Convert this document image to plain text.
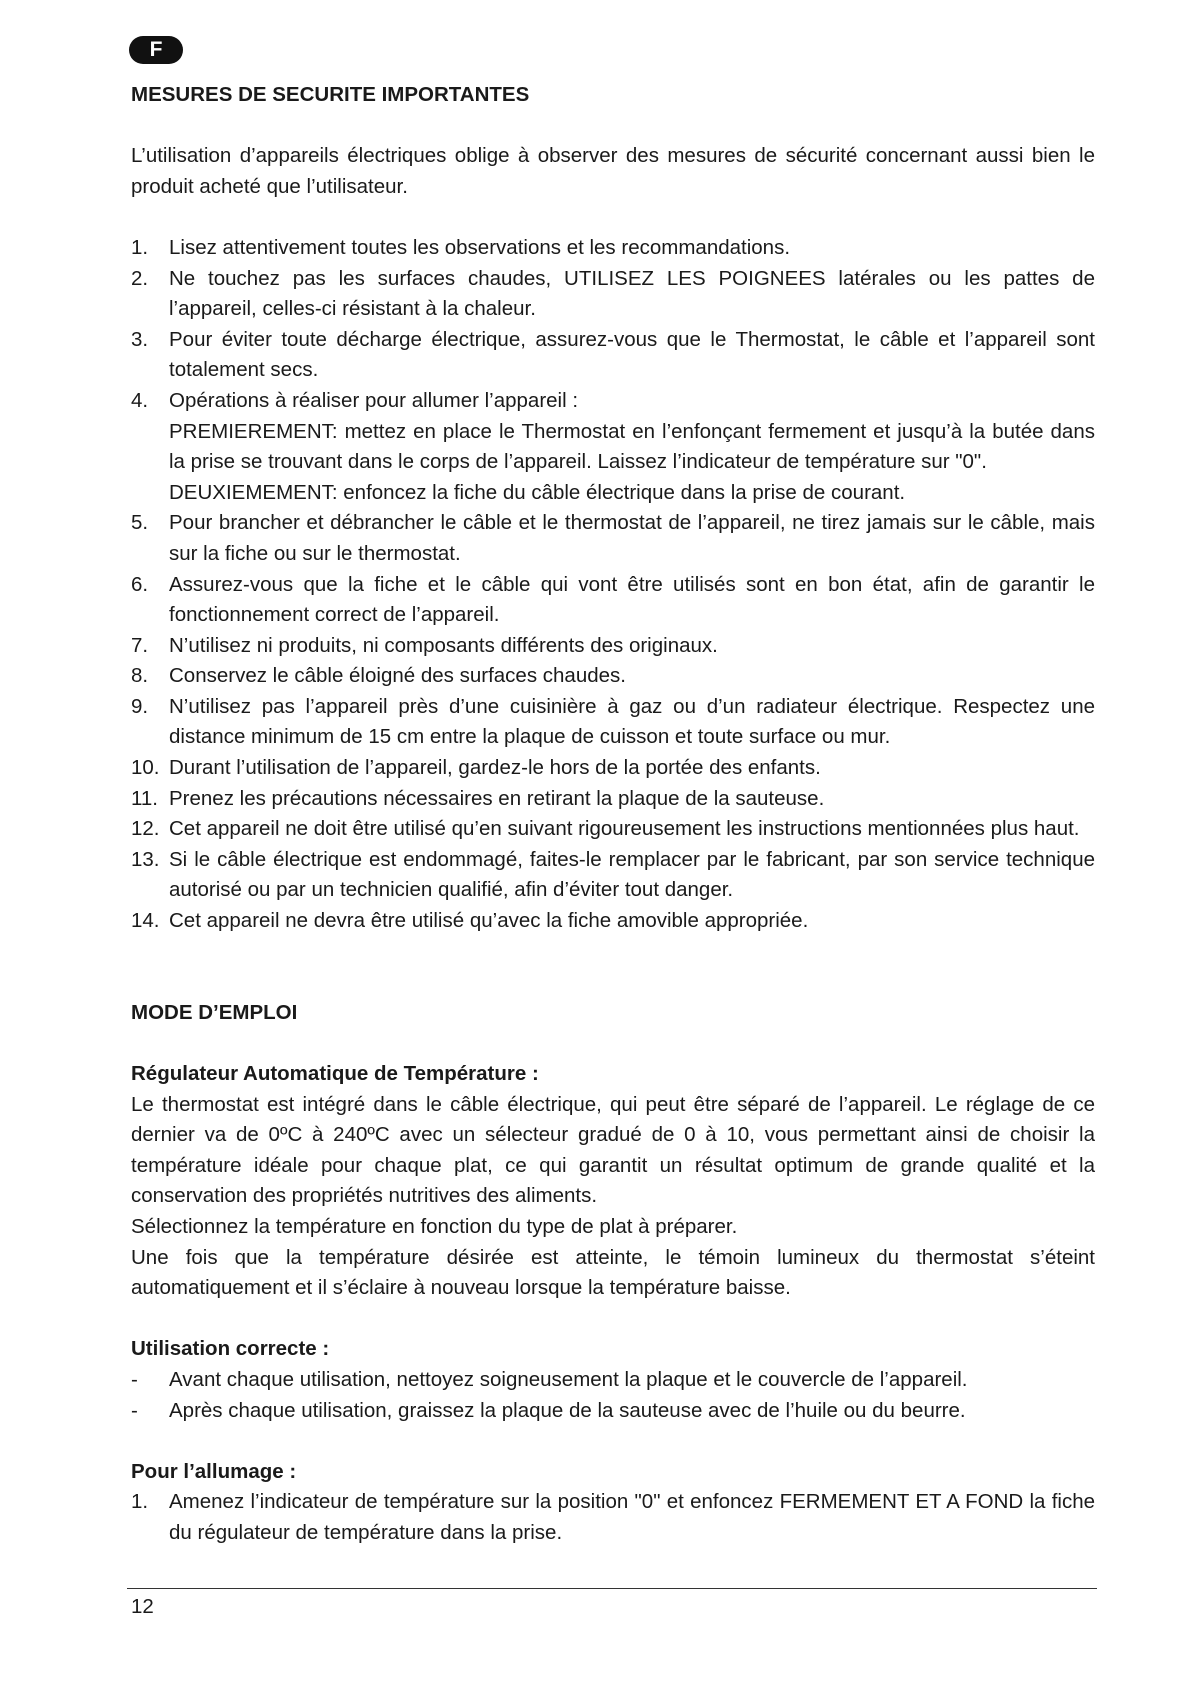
F
MESURES DE SECURITE IMPORTANTES

L’utilisation d’appareils électriques oblige à observer des mesures de sécurité concernant aussi bien le produit acheté que l’utilisateur.

1. Lisez attentivement toutes les observations et les recommandations.
2. Ne touchez pas les surfaces chaudes, UTILISEZ LES POIGNEES latérales ou les pattes de l’appareil, celles-ci résistant à la chaleur.
3. Pour éviter toute décharge électrique, assurez-vous que le Thermostat, le câble et l’appareil sont totalement secs.
4. Opérations à réaliser pour allumer l’appareil :
PREMIEREMENT: mettez en place le Thermostat en l’enfonçant fermement et jusqu’à la butée dans la prise se trouvant dans le corps de l’appareil. Laissez l’indicateur de température sur "0".
DEUXIEMEMENT: enfoncez la fiche du câble électrique dans la prise de courant.
5. Pour brancher et débrancher le câble et le thermostat de l’appareil, ne tirez jamais sur le câble, mais sur la fiche ou sur le thermostat.
6. Assurez-vous que la fiche et le câble qui vont être utilisés sont en bon état, afin de garantir le fonctionnement correct de l’appareil.
7. N’utilisez ni produits, ni composants différents des originaux.
8. Conservez le câble éloigné des surfaces chaudes.
9. N’utilisez pas l’appareil près d’une cuisinière à gaz ou d’un radiateur électrique. Respectez une distance minimum de 15 cm entre la plaque de cuisson et toute surface ou mur.
10. Durant l’utilisation de l’appareil, gardez-le hors de la portée des enfants.
11. Prenez les précautions nécessaires en retirant la plaque de la sauteuse.
12. Cet appareil ne doit être utilisé qu’en suivant rigoureusement les instructions mentionnées plus haut.
13. Si le câble électrique est endommagé, faites-le remplacer par le fabricant, par son service technique autorisé ou par un technicien qualifié, afin d’éviter tout danger.
14. Cet appareil ne devra être utilisé qu’avec la fiche amovible appropriée.
MODE D’EMPLOI
Régulateur Automatique de Température :

Le thermostat est intégré dans le câble électrique, qui peut être séparé de l’appareil. Le réglage de ce dernier va de 0ºC à 240ºC avec un sélecteur gradué de 0 à 10, vous permettant ainsi de choisir la température idéale pour chaque plat, ce qui garantit un résultat optimum de grande qualité et la conservation des propriétés nutritives des aliments.

Sélectionnez la température en fonction du type de plat à préparer.

Une fois que la température désirée est atteinte, le témoin lumineux du thermostat s’éteint automatiquement et il s’éclaire à nouveau lorsque la température baisse.

Utilisation correcte :
- Avant chaque utilisation, nettoyez soigneusement la plaque et le couvercle de l’appareil.
- Après chaque utilisation, graissez la plaque de la sauteuse avec de l’huile ou du beurre.
Pour l’allumage :
1. Amenez l’indicateur de température sur la position "0" et enfoncez FERMEMENT ET A FOND la fiche du régulateur de température dans la prise.
12
